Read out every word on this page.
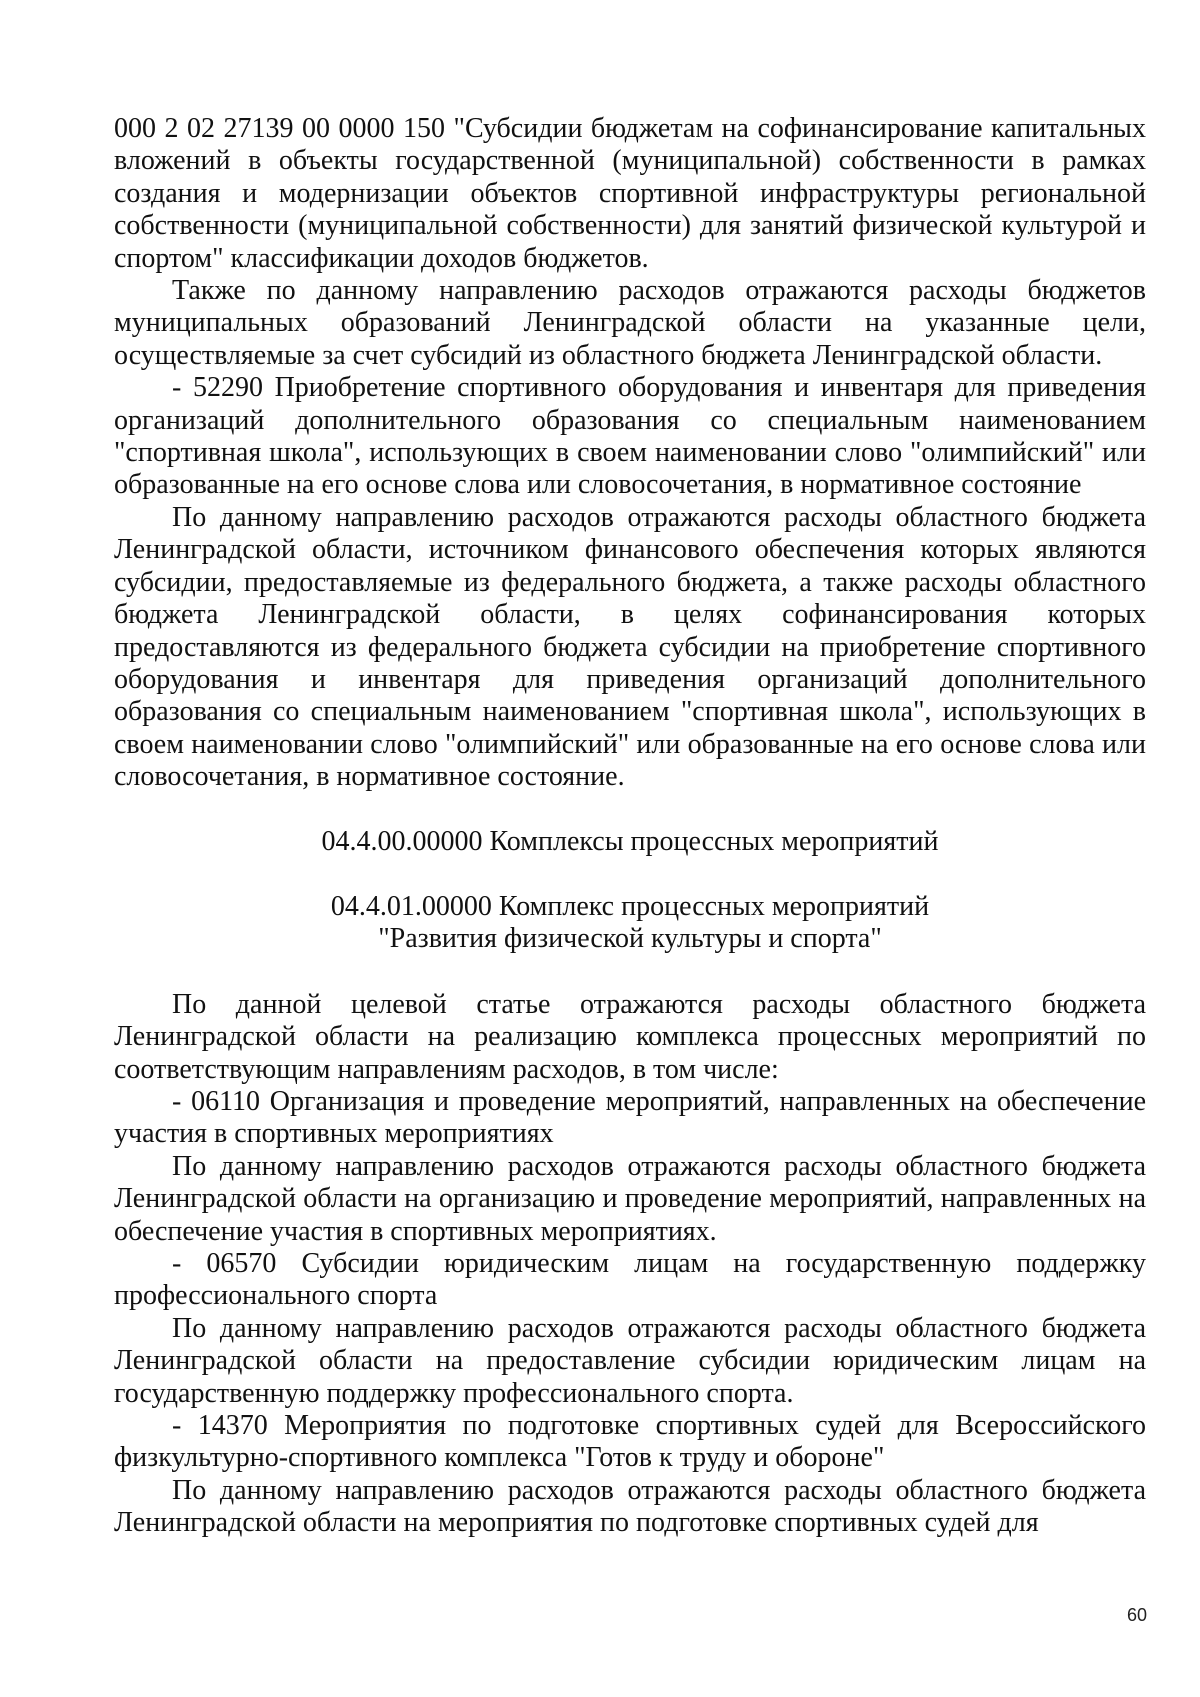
000 2 02 27139 00 0000 150 "Субсидии бюджетам на софинансирование капитальных вложений в объекты государственной (муниципальной) собственности в рамках создания и модернизации объектов спортивной инфраструктуры региональной собственности (муниципальной собственности) для занятий физической культурой и спортом" классификации доходов бюджетов.

Также по данному направлению расходов отражаются расходы бюджетов муниципальных образований Ленинградской области на указанные цели, осуществляемые за счет субсидий из областного бюджета Ленинградской области.

- 52290 Приобретение спортивного оборудования и инвентаря для приведения организаций дополнительного образования со специальным наименованием "спортивная школа", использующих в своем наименовании слово "олимпийский" или образованные на его основе слова или словосочетания, в нормативное состояние

По данному направлению расходов отражаются расходы областного бюджета Ленинградской области, источником финансового обеспечения которых являются субсидии, предоставляемые из федерального бюджета, а также расходы областного бюджета Ленинградской области, в целях софинансирования которых предоставляются из федерального бюджета субсидии на приобретение спортивного оборудования и инвентаря для приведения организаций дополнительного образования со специальным наименованием "спортивная школа", использующих в своем наименовании слово "олимпийский" или образованные на его основе слова или словосочетания, в нормативное состояние.

04.4.00.00000 Комплексы процессных мероприятий

04.4.01.00000 Комплекс процессных мероприятий
"Развития физической культуры и спорта"

По данной целевой статье отражаются расходы областного бюджета Ленинградской области на реализацию комплекса процессных мероприятий по соответствующим направлениям расходов, в том числе:

- 06110 Организация и проведение мероприятий, направленных на обеспечение участия в спортивных мероприятиях

По данному направлению расходов отражаются расходы областного бюджета Ленинградской области на организацию и проведение мероприятий, направленных на обеспечение участия в спортивных мероприятиях.

- 06570 Субсидии юридическим лицам на государственную поддержку профессионального спорта

По данному направлению расходов отражаются расходы областного бюджета Ленинградской области на предоставление субсидии юридическим лицам на государственную поддержку профессионального спорта.

- 14370 Мероприятия по подготовке спортивных судей для Всероссийского физкультурно-спортивного комплекса "Готов к труду и обороне"

По данному направлению расходов отражаются расходы областного бюджета Ленинградской области на мероприятия по подготовке спортивных судей для

60
